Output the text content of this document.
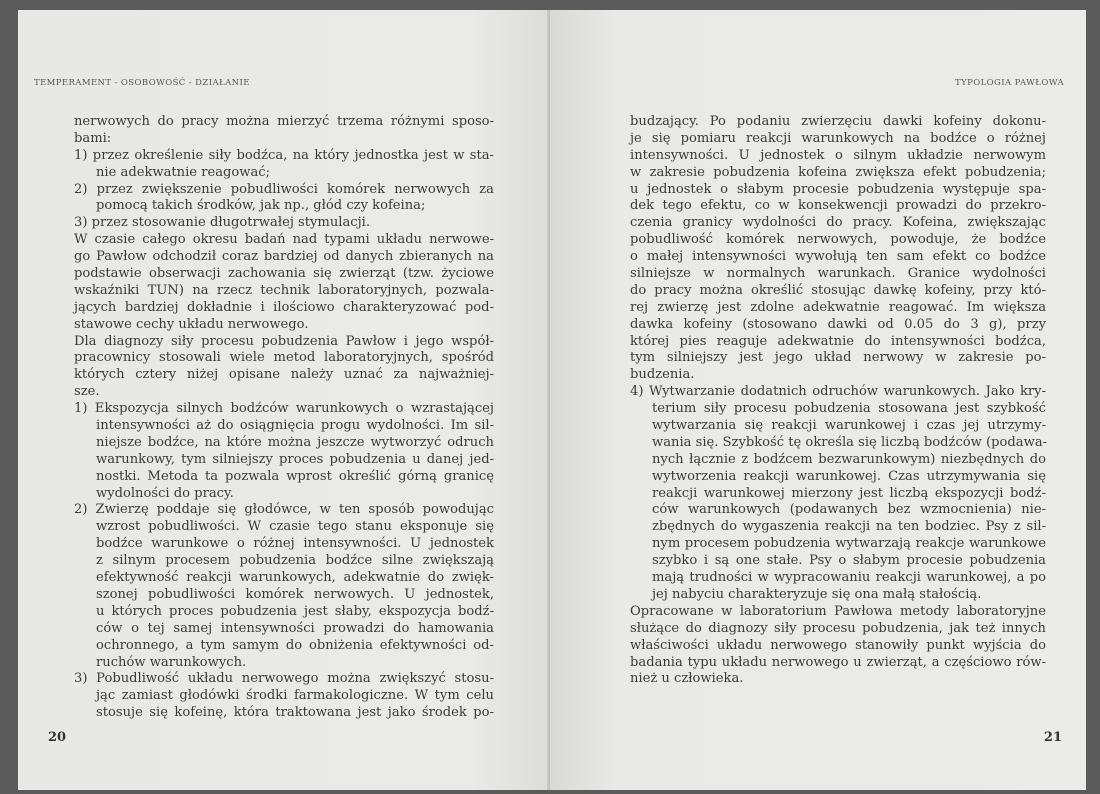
TEMPERAMENT - OSOBOWOŚĆ - DZIAŁANIE
nerwowych do pracy można mierzyć trzema różnymi sposo-
bami:
1) przez określenie siły bodźca, na który jednostka jest w sta-
nie adekwatnie reagować;
2) przez zwiększenie pobudliwości komórek nerwowych za
pomocą takich środków, jak np., głód czy kofeina;
3) przez stosowanie długotrwałej stymulacji.
W czasie całego okresu badań nad typami układu nerwowe-
go Pawłow odchodził coraz bardziej od danych zbieranych na
podstawie obserwacji zachowania się zwierząt (tzw. życiowe
wskaźniki TUN) na rzecz technik laboratoryjnych, pozwala-
jących bardziej dokładnie i ilościowo charakteryzować pod-
stawowe cechy układu nerwowego.
Dla diagnozy siły procesu pobudzenia Pawłow i jego współ-
pracownicy stosowali wiele metod laboratoryjnych, spośród
których cztery niżej opisane należy uznać za najważniej-
sze.
1) Ekspozycja silnych bodźców warunkowych o wzrastającej
intensywności aż do osiągnięcia progu wydolności. Im sil-
niejsze bodźce, na które można jeszcze wytworzyć odruch
warunkowy, tym silniejszy proces pobudzenia u danej jed-
nostki. Metoda ta pozwala wprost określić górną granicę
wydolności do pracy.
2) Zwierzę poddaje się głodówce, w ten sposób powodując
wzrost pobudliwości. W czasie tego stanu eksponuje się
bodźce warunkowe o różnej intensywności. U jednostek
z silnym procesem pobudzenia bodźce silne zwiększają
efektywność reakcji warunkowych, adekwatnie do zwięk-
szonej pobudliwości komórek nerwowych. U jednostek,
u których proces pobudzenia jest słaby, ekspozycja bodź-
ców o tej samej intensywności prowadzi do hamowania
ochronnego, a tym samym do obniżenia efektywności od-
ruchów warunkowych.
3) Pobudliwość układu nerwowego można zwiększyć stosu-
jąc zamiast głodówki środki farmakologiczne. W tym celu
stosuje się kofeinę, która traktowana jest jako środek po-
20
TYPOLOGIA PAWŁOWA
budzający. Po podaniu zwierzęciu dawki kofeiny dokonu-
je się pomiaru reakcji warunkowych na bodźce o różnej
intensywności. U jednostek o silnym układzie nerwowym
w zakresie pobudzenia kofeina zwiększa efekt pobudzenia;
u jednostek o słabym procesie pobudzenia występuje spa-
dek tego efektu, co w konsekwencji prowadzi do przekro-
czenia granicy wydolności do pracy. Kofeina, zwiększając
pobudliwość komórek nerwowych, powoduje, że bodźce
o małej intensywności wywołują ten sam efekt co bodźce
silniejsze w normalnych warunkach. Granice wydolności
do pracy można określić stosując dawkę kofeiny, przy któ-
rej zwierzę jest zdolne adekwatnie reagować. Im większa
dawka kofeiny (stosowano dawki od 0.05 do 3 g), przy
której pies reaguje adekwatnie do intensywności bodźca,
tym silniejszy jest jego układ nerwowy w zakresie po-
budzenia.
4) Wytwarzanie dodatnich odruchów warunkowych. Jako kry-
terium siły procesu pobudzenia stosowana jest szybkość
wytwarzania się reakcji warunkowej i czas jej utrzymy-
wania się. Szybkość tę określa się liczbą bodźców (podawa-
nych łącznie z bodźcem bezwarunkowym) niezbędnych do
wytworzenia reakcji warunkowej. Czas utrzymywania się
reakcji warunkowej mierzony jest liczbą ekspozycji bodź-
ców warunkowych (podawanych bez wzmocnienia) nie-
zbędnych do wygaszenia reakcji na ten bodziec. Psy z sil-
nym procesem pobudzenia wytwarzają reakcje warunkowe
szybko i są one stałe. Psy o słabym procesie pobudzenia
mają trudności w wypracowaniu reakcji warunkowej, a po
jej nabyciu charakteryzuje się ona małą stałością.
Opracowane w laboratorium Pawłowa metody laboratoryjne
służące do diagnozy siły procesu pobudzenia, jak też innych
właściwości układu nerwowego stanowiły punkt wyjścia do
badania typu układu nerwowego u zwierząt, a częściowo rów-
nież u człowieka.
21
